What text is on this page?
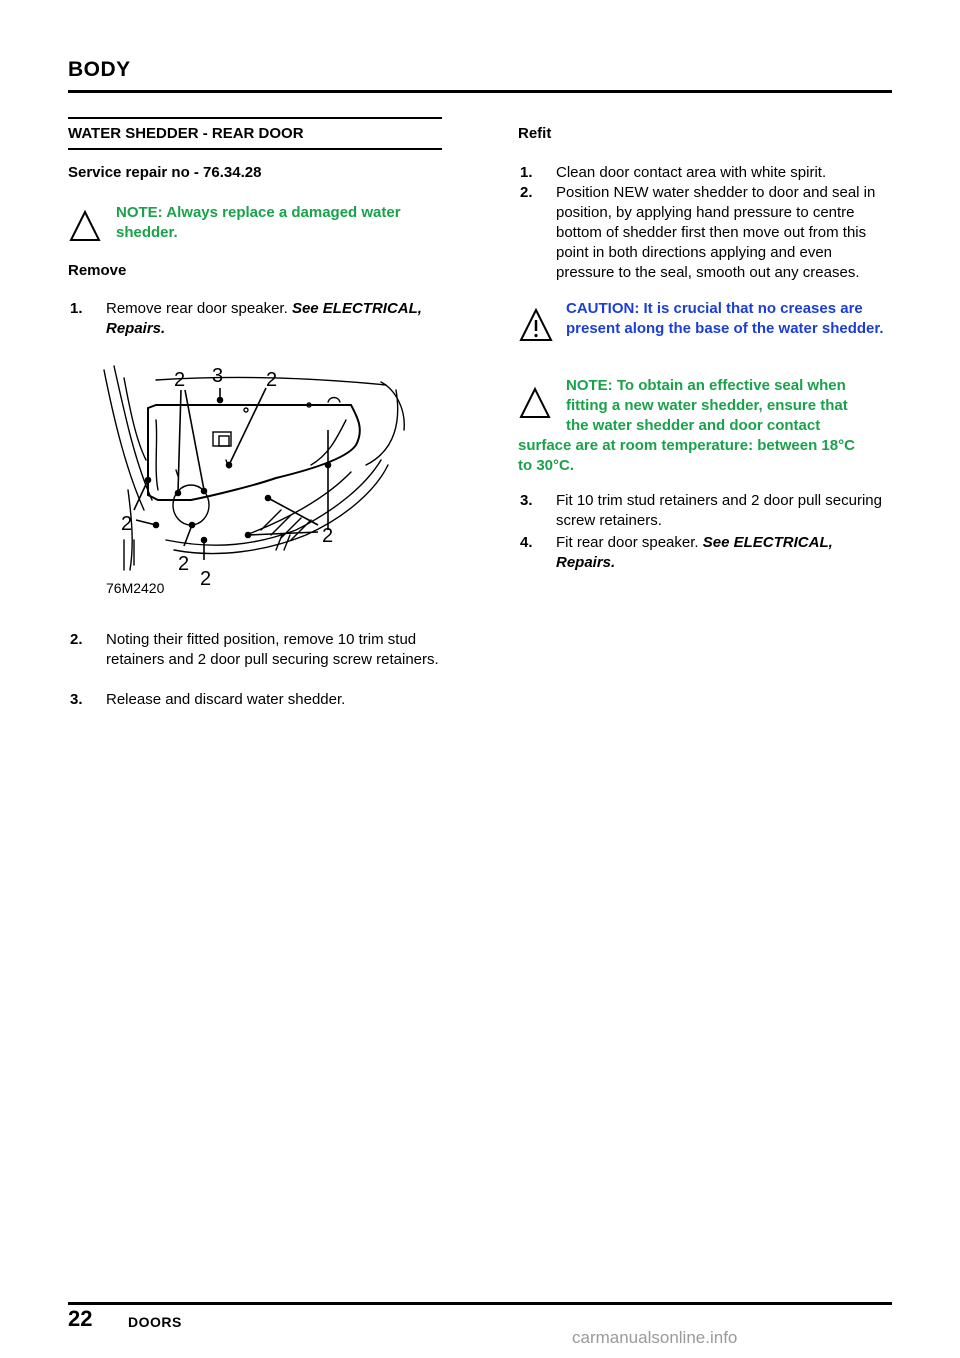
BODY
WATER SHEDDER - REAR DOOR
Service repair no - 76.34.28
NOTE: Always replace a damaged water shedder.
Remove
1. Remove rear door speaker. See ELECTRICAL, Repairs.
2 3 2
2
2
2
2
76M2420
2. Noting their fitted position, remove 10 trim stud retainers and 2 door pull securing screw retainers.
3. Release and discard water shedder.
Refit
1. Clean door contact area with white spirit.
2. Position NEW water shedder to door and seal in position, by applying hand pressure to centre bottom of shedder first then move out from this point in both directions applying and even pressure to the seal, smooth out any creases.
CAUTION: It is crucial that no creases are present along the base of the water shedder.
NOTE: To obtain an effective seal when
fitting a new water shedder, ensure that
the water shedder and door contact
surface are at room temperature: between 18°C
to 30°C.
3. Fit 10 trim stud retainers and 2 door pull securing screw retainers.
4. Fit rear door speaker. See ELECTRICAL, Repairs.
22	DOORS
carmanualsonline.info
